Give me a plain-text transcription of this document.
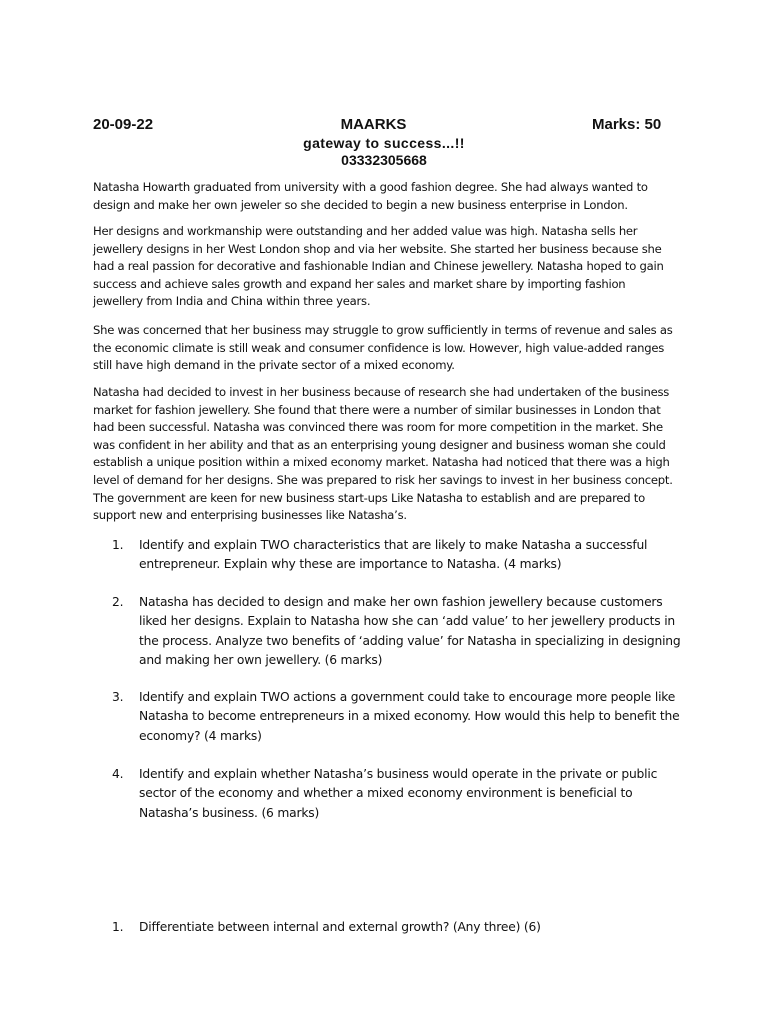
20-09-22	MAARKS	Marks: 50
gateway to success...!!
03332305668

Natasha Howarth graduated from university with a good fashion degree. She had always wanted to design and make her own jeweler so she decided to begin a new business enterprise in London.

Her designs and workmanship were outstanding and her added value was high. Natasha sells her jewellery designs in her West London shop and via her website. She started her business because she had a real passion for decorative and fashionable Indian and Chinese jewellery. Natasha hoped to gain success and achieve sales growth and expand her sales and market share by importing fashion jewellery from India and China within three years.

She was concerned that her business may struggle to grow sufficiently in terms of revenue and sales as the economic climate is still weak and consumer confidence is low. However, high value-added ranges still have high demand in the private sector of a mixed economy.

Natasha had decided to invest in her business because of research she had undertaken of the business market for fashion jewellery. She found that there were a number of similar businesses in London that had been successful. Natasha was convinced there was room for more competition in the market. She was confident in her ability and that as an enterprising young designer and business woman she could establish a unique position within a mixed economy market. Natasha had noticed that there was a high level of demand for her designs. She was prepared to risk her savings to invest in her business concept. The government are keen for new business start-ups Like Natasha to establish and are prepared to support new and enterprising businesses like Natasha’s.

1.	Identify and explain TWO characteristics that are likely to make Natasha a successful entrepreneur. Explain why these are importance to Natasha. (4 marks)
2.	Natasha has decided to design and make her own fashion jewellery because customers liked her designs. Explain to Natasha how she can ‘add value’ to her jewellery products in the process. Analyze two benefits of ‘adding value’ for Natasha in specializing in designing and making her own jewellery. (6 marks)
3.	Identify and explain TWO actions a government could take to encourage more people like Natasha to become entrepreneurs in a mixed economy. How would this help to benefit the economy? (4 marks)
4.	Identify and explain whether Natasha’s business would operate in the private or public sector of the economy and whether a mixed economy environment is beneficial to Natasha’s business. (6 marks)
1.	Differentiate between internal and external growth? (Any three) (6)
